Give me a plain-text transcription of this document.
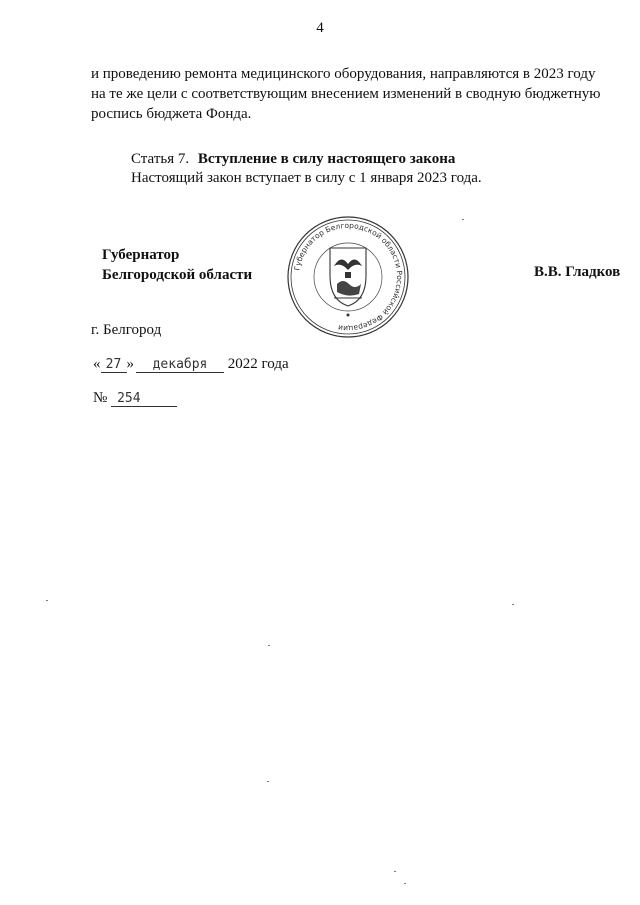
4
и проведению ремонта медицинского оборудования, направляются в 2023 году
на те же цели с соответствующим внесением изменений в сводную бюджетную
роспись бюджета Фонда.
Статья 7. Вступление в силу настоящего закона
Настоящий закон вступает в силу с 1 января 2023 года.
Губернатор
Белгородской области	Губернатор Белгородской области Российской Федерации
В.В. Гладков
г. Белгород
« 27 » декабря 2022 года
№ 254
